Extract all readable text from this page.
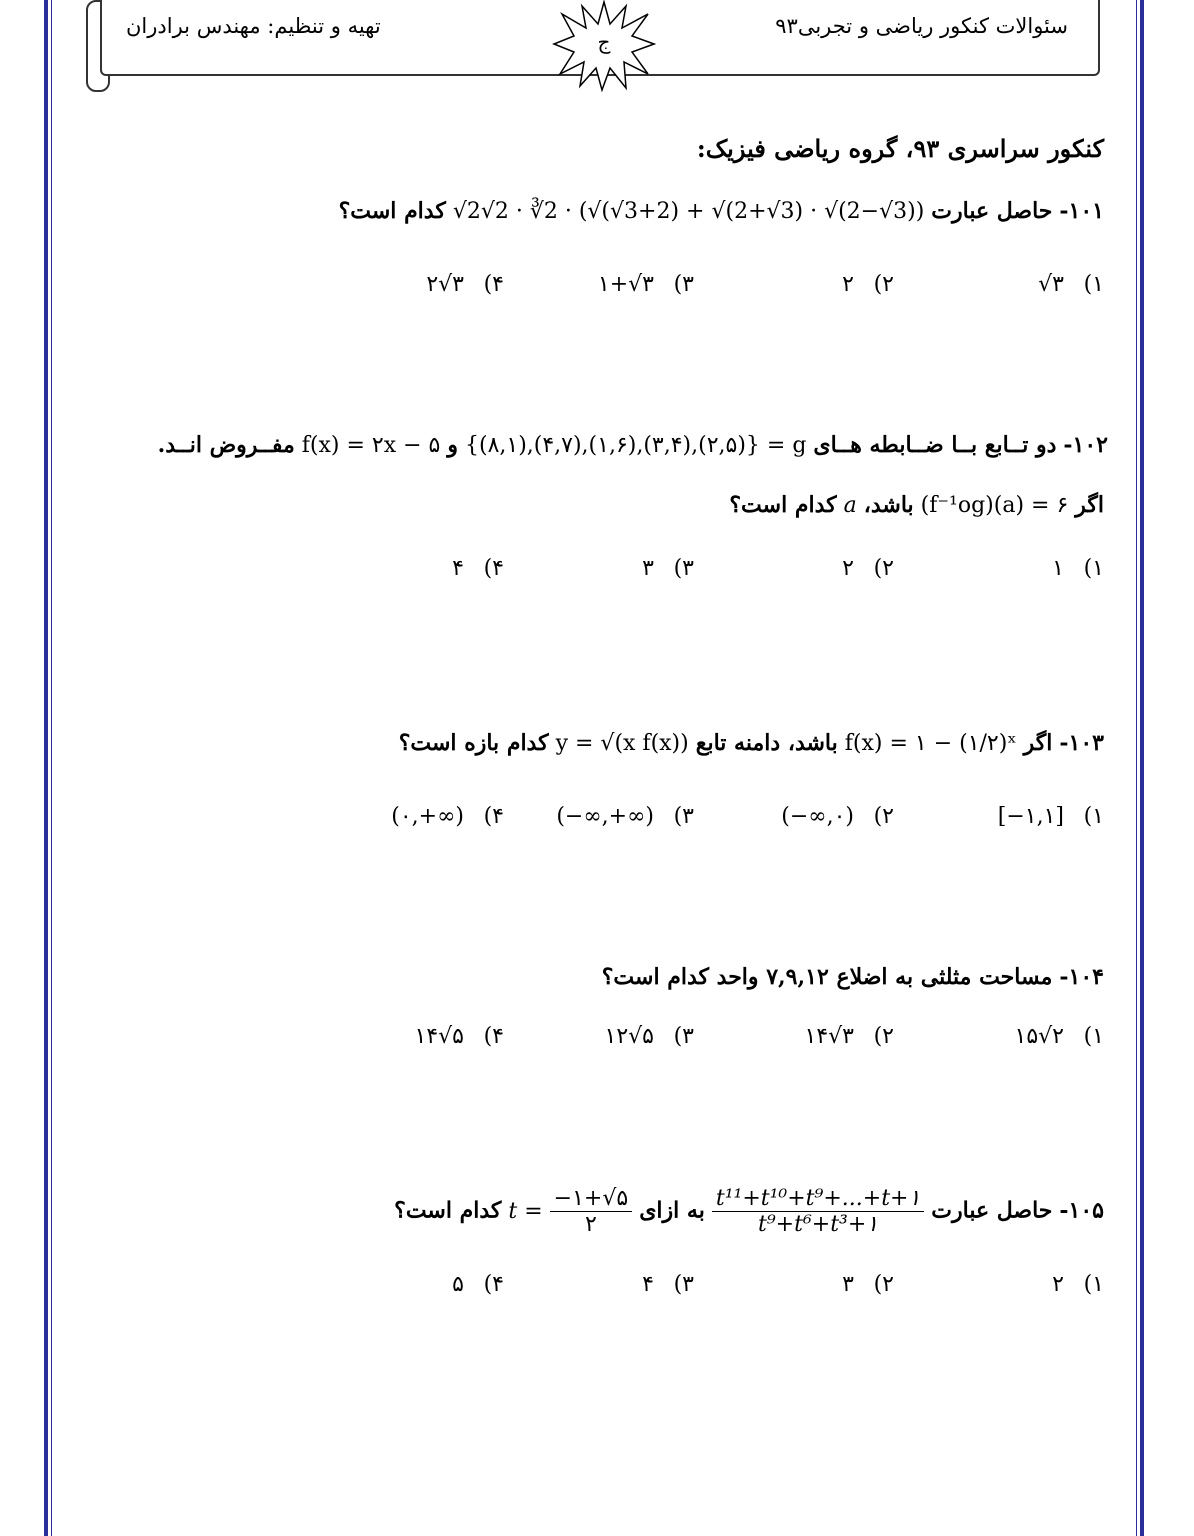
سئوالات کنکور ریاضی و تجربی۹۳
تهیه و تنظیم: مهندس برادران
ج
کنکور سراسری ۹۳، گروه ریاضی فیزیک:
۱۰۱- حاصل عبارت √2√2 · ∛2 · (√(√3+2) + √(2+√3) · √(2−√3)) کدام است؟
۱)√۳
۲)۲
۳)۱+√۳
۴)۲√۳
۱۰۲- دو تــابع بــا ضــابطه هــای {(۸,۱),(۴,۷),(۱,۶),(۳,۴),(۲,۵)} = g و f(x) = ۲x − ۵ مفــروض انــد.
اگر (f⁻¹og)(a) = ۶ باشد، a کدام است؟
۱)۱
۲)۲
۳)۳
۴)۴
۱۰۳- اگر f(x) = ۱ − (۱/۲)ˣ باشد، دامنه تابع y = √(x f(x)) کدام بازه است؟
۱)[−۱,۱]
۲)(−∞,۰)
۳)(−∞,+∞)
۴)(۰,+∞)
۱۰۴- مساحت مثلثی به اضلاع ۷,۹,۱۲ واحد کدام است؟
۱)۱۵√۲
۲)۱۴√۳
۳)۱۲√۵
۴)۱۴√۵
۱۰۵- حاصل عبارت
$\frac{\text{t¹¹+t¹⁰+t⁹+...+t+۱}}{\text{t⁹+t⁶+t³+۱}}$
به ازای
$\frac{-۱+√۵}{۲}$
t = کدام است؟
۱)۲
۲)۳
۳)۴
۴)۵
